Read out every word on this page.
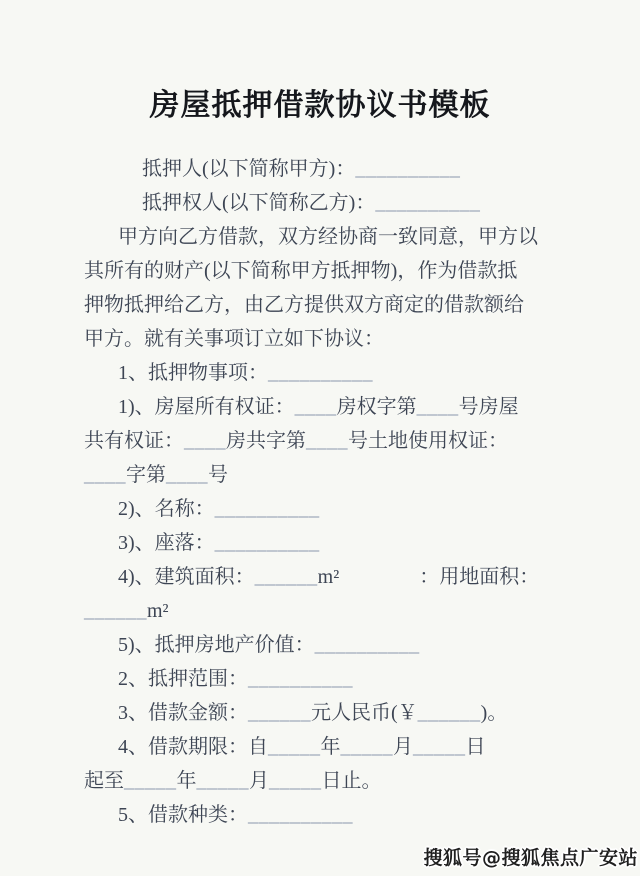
房屋抵押借款协议书模板
抵押人(以下简称甲方)：__________
抵押权人(以下简称乙方)：__________
甲方向乙方借款，双方经协商一致同意，甲方以
其所有的财产(以下简称甲方抵押物)，作为借款抵
押物抵押给乙方，由乙方提供双方商定的借款额给
甲方。就有关事项订立如下协议：
1、抵押物事项：__________
1)、房屋所有权证：____房权字第____号房屋
共有权证：____房共字第____号土地使用权证：
____字第____号
2)、名称：__________
3)、座落：__________
4)、建筑面积：______m²　　　　：用地面积：
______m²
5)、抵押房地产价值：__________
2、抵押范围：__________
3、借款金额：______元人民币(￥______)。
4、借款期限：自_____年_____月_____日
起至_____年_____月_____日止。
5、借款种类：__________
搜狐号@搜狐焦点广安站
